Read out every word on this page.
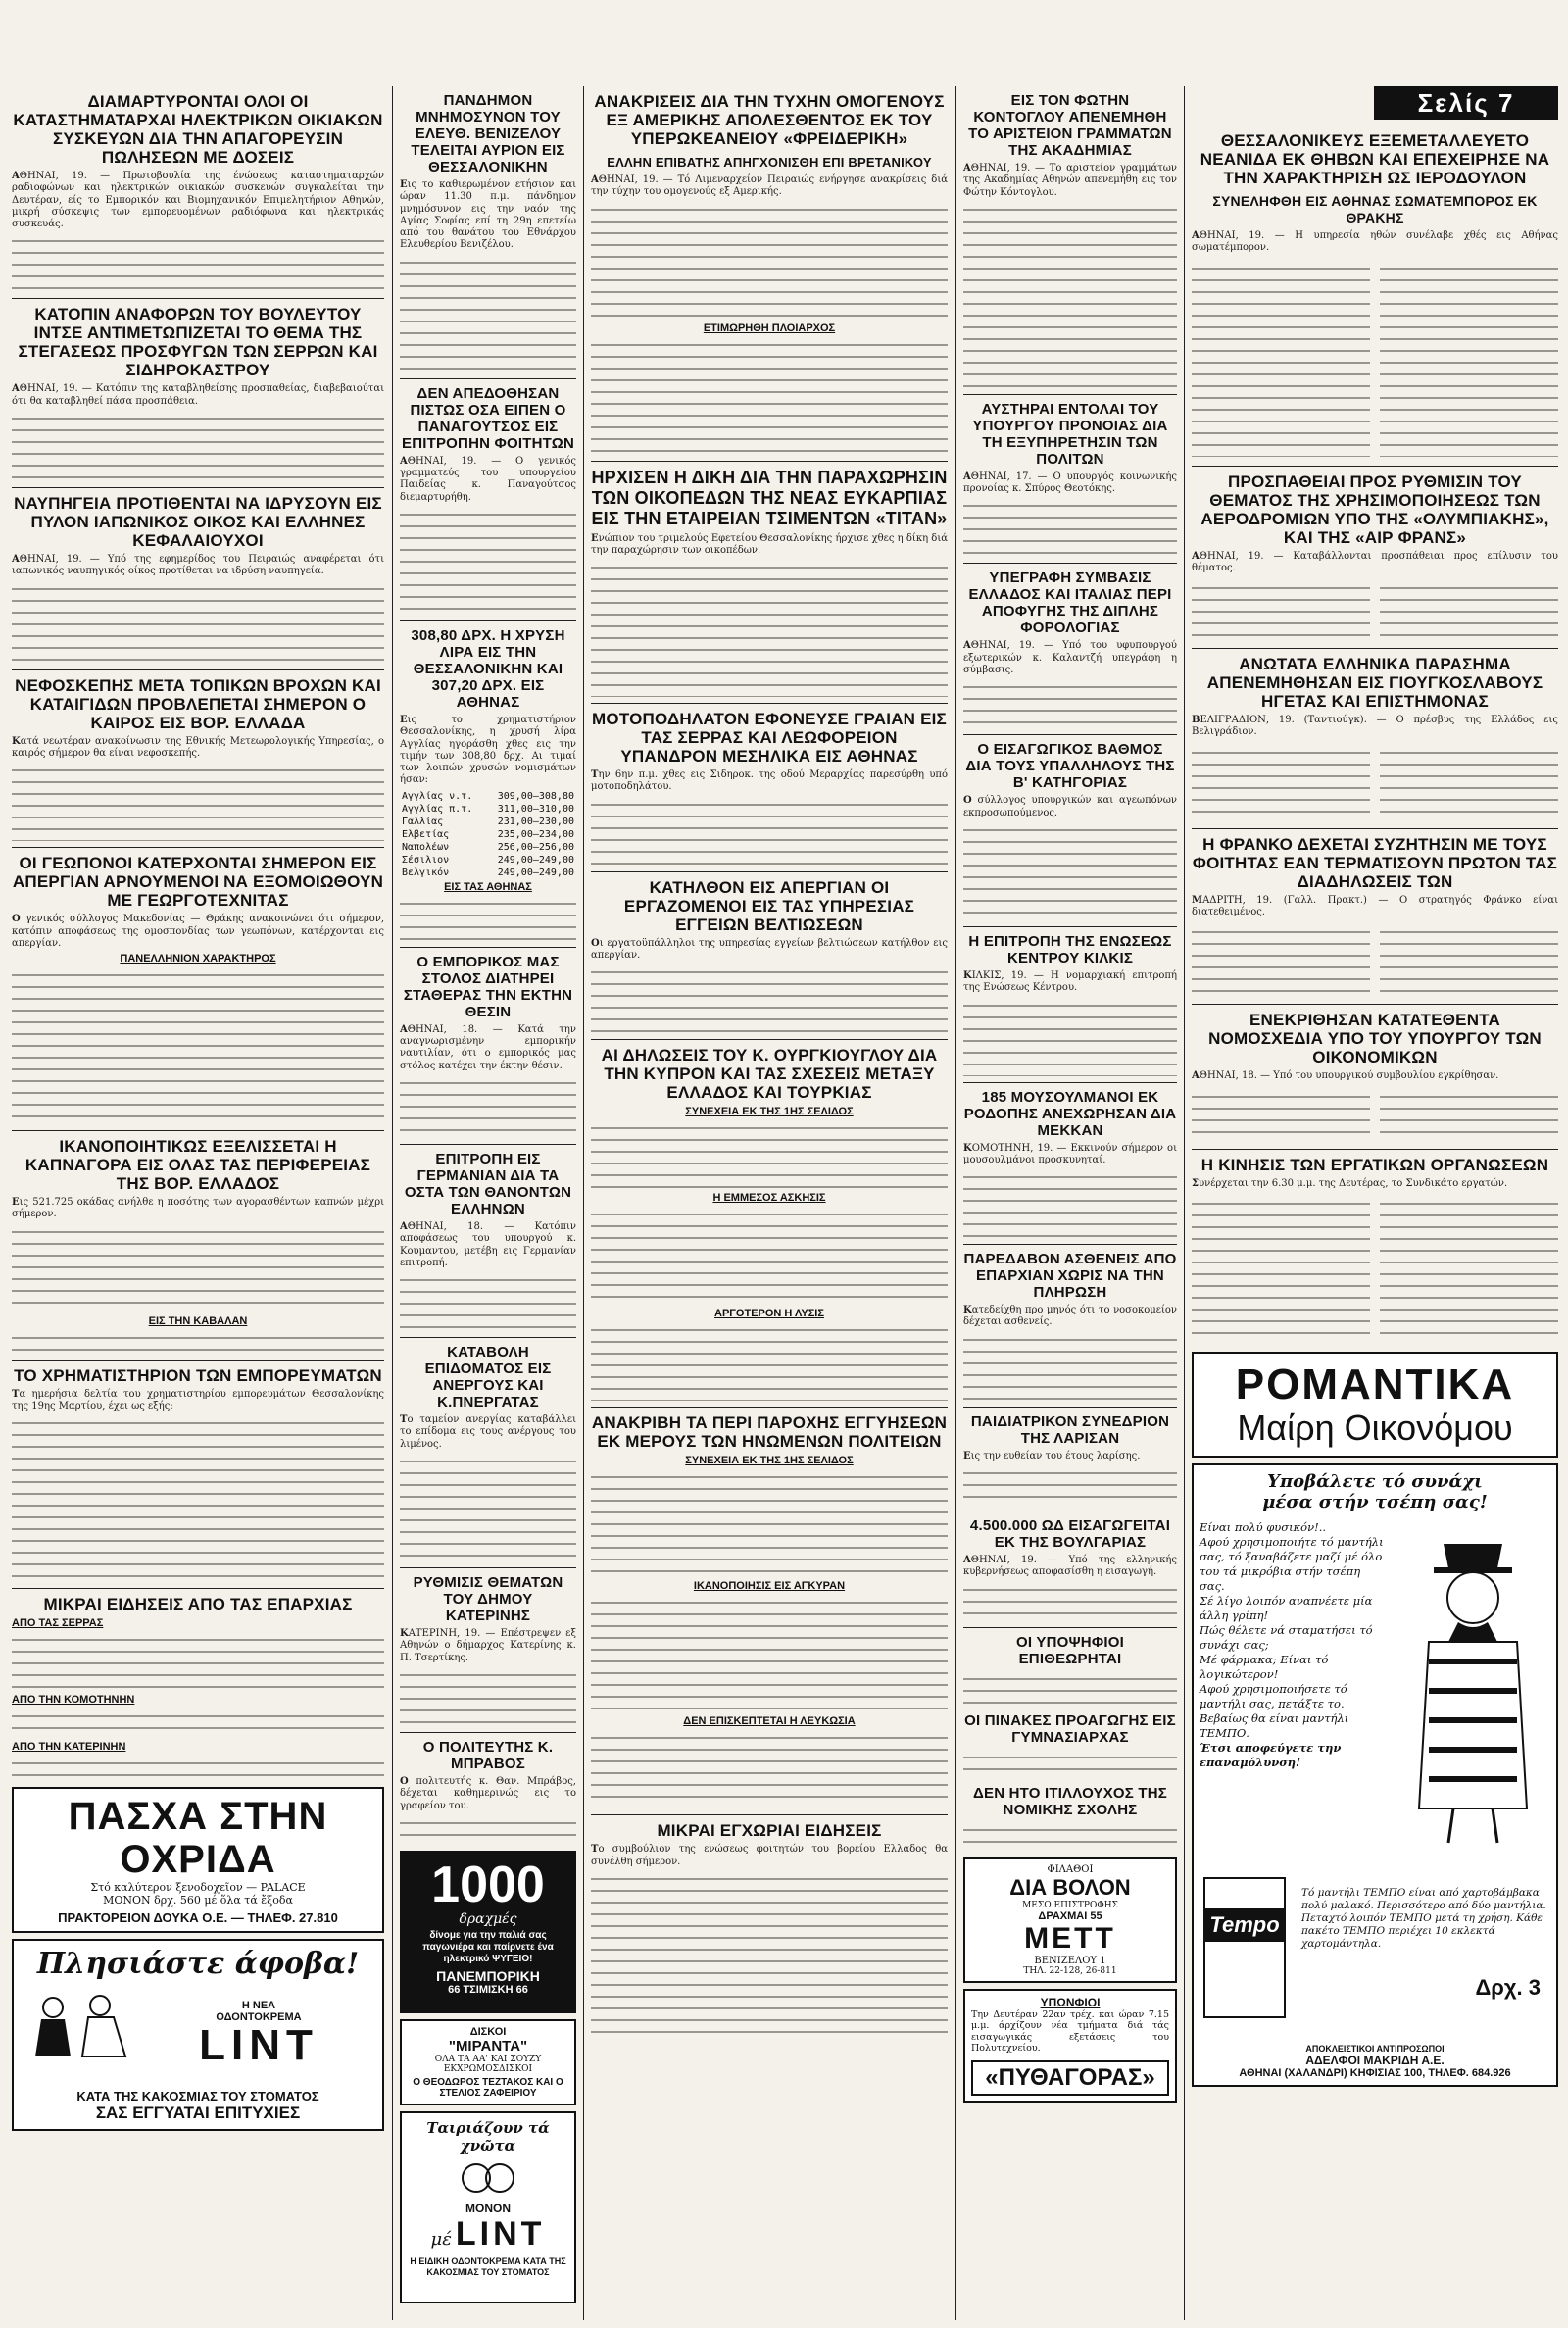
ΔΙΑΜΑΡΤΥΡΟΝΤΑΙ ΟΛΟΙ ΟΙ ΚΑΤΑΣΤΗΜΑΤΑΡΧΑΙ ΗΛΕΚΤΡΙΚΩΝ ΟΙΚΙΑΚΩΝ ΣΥΣΚΕΥΩΝ ΔΙΑ ΤΗΝ ΑΠΑΓΟΡΕΥΣΙΝ ΠΩΛΗΣΕΩΝ ΜΕ ΔΟΣΕΙΣ
ΑΘΗΝΑΙ, 19. — Πρωτοβουλία της ένώσεως καταστηματαρχών ραδιοφώνων και ηλεκτρικών οικιακών συσκευών συγκαλείται την Δευτέραν, είς το Εμπορικόν και Βιομηχανικόν Επιμελητήριον Αθηνών, μικρή σύσκεψις των εμπορευομένων ραδιόφωνα και ηλεκτρικάς συσκευάς.
ΚΑΤΟΠΙΝ ΑΝΑΦΟΡΩΝ ΤΟΥ ΒΟΥΛΕΥΤΟΥ ΙΝΤΣΕ ΑΝΤΙΜΕΤΩΠΙΖΕΤΑΙ ΤΟ ΘΕΜΑ ΤΗΣ ΣΤΕΓΑΣΕΩΣ ΠΡΟΣΦΥΓΩΝ ΤΩΝ ΣΕΡΡΩΝ ΚΑΙ ΣΙΔΗΡΟΚΑΣΤΡΟΥ
ΑΘΗΝΑΙ, 19. — Κατόπιν της καταβληθείσης προσπαθείας, διαβεβαιούται ότι θα καταβληθεί πάσα προσπάθεια.
ΝΑΥΠΗΓΕΙΑ ΠΡΟΤΙΘΕΝΤΑΙ ΝΑ ΙΔΡΥΣΟΥΝ ΕΙΣ ΠΥΛΟΝ ΙΑΠΩΝΙΚΟΣ ΟΙΚΟΣ ΚΑΙ ΕΛΛΗΝΕΣ ΚΕΦΑΛΑΙΟΥΧΟΙ
ΑΘΗΝΑΙ, 19. — Υπό της εφημερίδος του Πειραιώς αναφέρεται ότι ιαπωνικός ναυπηγικός οίκος προτίθεται να ιδρύση ναυπηγεία.
ΝΕΦΟΣΚΕΠΗΣ ΜΕΤΑ ΤΟΠΙΚΩΝ ΒΡΟΧΩΝ ΚΑΙ ΚΑΤΑΙΓΙΔΩΝ ΠΡΟΒΛΕΠΕΤΑΙ ΣΗΜΕΡΟΝ Ο ΚΑΙΡΟΣ ΕΙΣ ΒΟΡ. ΕΛΛΑΔΑ
Κατά νεωτέραν ανακοίνωσιν της Εθνικής Μετεωρολογικής Υπηρεσίας, ο καιρός σήμερον θα είναι νεφοσκεπής.
ΟΙ ΓΕΩΠΟΝΟΙ ΚΑΤΕΡΧΟΝΤΑΙ ΣΗΜΕΡΟΝ ΕΙΣ ΑΠΕΡΓΙΑΝ ΑΡΝΟΥΜΕΝΟΙ ΝΑ ΕΞΟΜΟΙΩΘΟΥΝ ΜΕ ΓΕΩΡΓΟΤΕΧΝΙΤΑΣ
Ο γενικός σύλλογος Μακεδονίας — Θράκης ανακοινώνει ότι σήμερον, κατόπιν αποφάσεως της ομοσπονδίας των γεωπόνων, κατέρχονται εις απεργίαν.
ΠΑΝΕΛΛΗΝΙΟΝ ΧΑΡΑΚΤΗΡΟΣ
ΙΚΑΝΟΠΟΙΗΤΙΚΩΣ ΕΞΕΛΙΣΣΕΤΑΙ Η ΚΑΠΝΑΓΟΡΑ ΕΙΣ ΟΛΑΣ ΤΑΣ ΠΕΡΙΦΕΡΕΙΑΣ ΤΗΣ ΒΟΡ. ΕΛΛΑΔΟΣ
Εις 521.725 οκάδας ανήλθε η ποσότης των αγορασθέντων καπνών μέχρι σήμερον.
ΕΙΣ ΤΗΝ ΚΑΒΑΛΑΝ
ΤΟ ΧΡΗΜΑΤΙΣΤΗΡΙΟΝ ΤΩΝ ΕΜΠΟΡΕΥΜΑΤΩΝ
Τα ημερήσια δελτία του χρηματιστηρίου εμπορευμάτων Θεσσαλονίκης της 19ης Μαρτίου, έχει ως εξής:
ΜΙΚΡΑΙ ΕΙΔΗΣΕΙΣ ΑΠΟ ΤΑΣ ΕΠΑΡΧΙΑΣ
ΑΠΟ ΤΑΣ ΣΕΡΡΑΣ
ΑΠΟ ΤΗΝ ΚΟΜΟΤΗΝΗΝ
ΑΠΟ ΤΗΝ ΚΑΤΕΡΙΝΗΝ
ΠΑΣΧΑ ΣΤΗΝ ΟΧΡΙΔΑ
Στό καλύτερον ξενοδοχεῖον — PALACE
ΜΟΝΟΝ δρχ. 560 μέ ὅλα τά ἔξοδα
ΠΡΑΚΤΟΡΕΙΟΝ ΔΟΥΚΑ Ο.Ε. — ΤΗΛΕΦ. 27.810
Πλησιάστε άφοβα!
Η ΝΕΑ
ΟΔΟΝΤΟΚΡΕΜΑ
LINT
ΚΑΤΑ ΤΗΣ ΚΑΚΟΣΜΙΑΣ ΤΟΥ ΣΤΟΜΑΤΟΣ
ΣΑΣ ΕΓΓΥΑΤΑΙ ΕΠΙΤΥΧΙΕΣ
ΠΑΝΔΗΜΟΝ ΜΝΗΜΟΣΥΝΟΝ ΤΟΥ ΕΛΕΥΘ. ΒΕΝΙΖΕΛΟΥ ΤΕΛΕΙΤΑΙ ΑΥΡΙΟΝ ΕΙΣ ΘΕΣΣΑΛΟΝΙΚΗΝ
Εις το καθιερωμένον ετήσιον και ώραν 11.30 π.μ. πάνδημον μνημόσυνον εις την ναόν της Αγίας Σοφίας επί τη 29η επετείω από του θανάτου του Εθνάρχου Ελευθερίου Βενιζέλου.
ΔΕΝ ΑΠΕΔΟΘΗΣΑΝ ΠΙΣΤΩΣ ΟΣΑ ΕΙΠΕΝ Ο ΠΑΝΑΓΟΥΤΣΟΣ ΕΙΣ ΕΠΙΤΡΟΠΗΝ ΦΟΙΤΗΤΩΝ
ΑΘΗΝΑΙ, 19. — Ο γενικός γραμματεύς του υπουργείου Παιδείας κ. Παναγούτσος διεμαρτυρήθη.
308,80 ΔΡΧ. Η ΧΡΥΣΗ ΛΙΡΑ ΕΙΣ ΤΗΝ ΘΕΣΣΑΛΟΝΙΚΗΝ ΚΑΙ 307,20 ΔΡΧ. ΕΙΣ ΑΘΗΝΑΣ
Εις το χρηματιστήριον Θεσσαλονίκης, η χρυσή λίρα Αγγλίας ηγοράσθη χθες εις την τιμήν των 308,80 δρχ. Αι τιμαί των λοιπών χρυσών νομισμάτων ήσαν:
Αγγλίας ν.τ.	309,00—308,80
Αγγλίας π.τ.	311,00—310,00
Γαλλίας	231,00—230,00
Ελβετίας	235,00—234,00
Ναπολέων	256,00—256,00
Σέσιλιον	249,00—249,00
Βελγικόν	249,00—249,00
ΕΙΣ ΤΑΣ ΑΘΗΝΑΣ
Ο ΕΜΠΟΡΙΚΟΣ ΜΑΣ ΣΤΟΛΟΣ ΔΙΑΤΗΡΕΙ ΣΤΑΘΕΡΑΣ ΤΗΝ ΕΚΤΗΝ ΘΕΣΙΝ
ΑΘΗΝΑΙ, 18. — Κατά την αναγνωρισμένην εμπορικήν ναυτιλίαν, ότι ο εμπορικός μας στόλος κατέχει την έκτην θέσιν.
ΕΠΙΤΡΟΠΗ ΕΙΣ ΓΕΡΜΑΝΙΑΝ ΔΙΑ ΤΑ ΟΣΤΑ ΤΩΝ ΘΑΝΟΝΤΩΝ ΕΛΛΗΝΩΝ
ΑΘΗΝΑΙ, 18. — Κατόπιν αποφάσεως του υπουργού κ. Κουμαντου, μετέβη εις Γερμανίαν επιτροπή.
ΚΑΤΑΒΟΛΗ ΕΠΙΔΟΜΑΤΟΣ ΕΙΣ ΑΝΕΡΓΟΥΣ ΚΑΙ Κ.ΠΝΕΡΓΑΤΑΣ
Το ταμείον ανεργίας καταβάλλει το επίδομα εις τους ανέργους του λιμένος.
ΡΥΘΜΙΣΙΣ ΘΕΜΑΤΩΝ ΤΟΥ ΔΗΜΟΥ ΚΑΤΕΡΙΝΗΣ
ΚΑΤΕΡΙΝΗ, 19. — Επέστρεψεν εξ Αθηνών ο δήμαρχος Κατερίνης κ. Π. Τσερτίκης.
Ο ΠΟΛΙΤΕΥΤΗΣ Κ. ΜΠΡΑΒΟΣ
Ο πολιτευτής κ. Θαν. Μπράβος, δέχεται καθημερινώς εις το γραφείον του.
1000
δραχμές
δίνομε για την παλιά σας παγωνιέρα και παίρνετε ένα ηλεκτρικό ΨΥΓΕΙΟ!
ΠΑΝΕΜΠΟΡΙΚΗ
66 ΤΣΙΜΙΣΚΗ 66
ΔΙΣΚΟΙ
"ΜΙΡΑΝΤΑ"
ΟΛΑ ΤΑ ΑΑ' ΚΑΙ ΣΟΥΖΥ ΕΚΧΡΩΜΟΣΔΙΣΚΟΙ
Ο ΘΕΟΔΩΡΟΣ ΤΕΖΤΑΚΟΣ ΚΑΙ Ο ΣΤΕΛΙΟΣ ΖΑΦΕΙΡΙΟΥ
Ταιριάζουν τά χνῶτα
ΜΟΝΟΝ
μέ LINT
Η ΕΙΔΙΚΗ ΟΔΟΝΤΟΚΡΕΜΑ ΚΑΤΑ ΤΗΣ ΚΑΚΟΣΜΙΑΣ ΤΟΥ ΣΤΟΜΑΤΟΣ
ΑΝΑΚΡΙΣΕΙΣ ΔΙΑ ΤΗΝ ΤΥΧΗΝ ΟΜΟΓΕΝΟΥΣ ΕΞ ΑΜΕΡΙΚΗΣ ΑΠΟΛΕΣΘΕΝΤΟΣ ΕΚ ΤΟΥ ΥΠΕΡΩΚΕΑΝΕΙΟΥ «ΦΡΕΙΔΕΡΙΚΗ»
ΕΛΛΗΝ ΕΠΙΒΑΤΗΣ ΑΠΗΓΧΟΝΙΣΘΗ ΕΠΙ ΒΡΕΤΑΝΙΚΟΥ
ΑΘΗΝΑΙ, 19. — Τό Λιμεναρχείον Πειραιώς ενήργησε ανακρίσεις διά την τύχην του ομογενούς εξ Αμερικής.
ΕΤΙΜΩΡΗΘΗ ΠΛΟΙΑΡΧΟΣ
ΗΡΧΙΣΕΝ Η ΔΙΚΗ ΔΙΑ ΤΗΝ ΠΑΡΑΧΩΡΗΣΙΝ ΤΩΝ ΟΙΚΟΠΕΔΩΝ ΤΗΣ ΝΕΑΣ ΕΥΚΑΡΠΙΑΣ ΕΙΣ ΤΗΝ ΕΤΑΙΡΕΙΑΝ ΤΣΙΜΕΝΤΩΝ «ΤΙΤΑΝ»
Ενώπιον του τριμελούς Εφετείου Θεσσαλονίκης ήρχισε χθες η δίκη διά την παραχώρησιν των οικοπέδων.
ΜΟΤΟΠΟΔΗΛΑΤΟΝ ΕΦΟΝΕΥΣΕ ΓΡΑΙΑΝ ΕΙΣ ΤΑΣ ΣΕΡΡΑΣ ΚΑΙ ΛΕΩΦΟΡΕΙΟΝ ΥΠΑΝΔΡΟΝ ΜΕΣΗΛΙΚΑ ΕΙΣ ΑΘΗΝΑΣ
Την 6ην π.μ. χθες εις Σιδηροκ. της οδού Μεραρχίας παρεσύρθη υπό μοτοποδηλάτου.
ΚΑΤΗΛΘΟΝ ΕΙΣ ΑΠΕΡΓΙΑΝ ΟΙ ΕΡΓΑΖΟΜΕΝΟΙ ΕΙΣ ΤΑΣ ΥΠΗΡΕΣΙΑΣ ΕΓΓΕΙΩΝ ΒΕΛΤΙΩΣΕΩΝ
Οι εργατοϋπάλληλοι της υπηρεσίας εγγείων βελτιώσεων κατήλθον εις απεργίαν.
ΑΙ ΔΗΛΩΣΕΙΣ ΤΟΥ Κ. ΟΥΡΓΚΙΟΥΓΛΟΥ ΔΙΑ ΤΗΝ ΚΥΠΡΟΝ ΚΑΙ ΤΑΣ ΣΧΕΣΕΙΣ ΜΕΤΑΞΥ ΕΛΛΑΔΟΣ ΚΑΙ ΤΟΥΡΚΙΑΣ
ΣΥΝΕΧΕΙΑ ΕΚ ΤΗΣ 1ΗΣ ΣΕΛΙΔΟΣ
Η ΕΜΜΕΣΟΣ ΑΣΚΗΣΙΣ
ΑΡΓΟΤΕΡΟΝ Η ΛΥΣΙΣ
ΑΝΑΚΡΙΒΗ ΤΑ ΠΕΡΙ ΠΑΡΟΧΗΣ ΕΓΓΥΗΣΕΩΝ ΕΚ ΜΕΡΟΥΣ ΤΩΝ ΗΝΩΜΕΝΩΝ ΠΟΛΙΤΕΙΩΝ
ΣΥΝΕΧΕΙΑ ΕΚ ΤΗΣ 1ΗΣ ΣΕΛΙΔΟΣ
ΙΚΑΝΟΠΟΙΗΣΙΣ ΕΙΣ ΑΓΚΥΡΑΝ
ΔΕΝ ΕΠΙΣΚΕΠΤΕΤΑΙ Η ΛΕΥΚΩΣΙΑ
ΜΙΚΡΑΙ ΕΓΧΩΡΙΑΙ ΕΙΔΗΣΕΙΣ
Το συμβούλιον της ενώσεως φοιτητών του βορείου Ελλαδος θα συνέλθη σήμερον.
ΕΙΣ ΤΟΝ ΦΩΤΗΝ ΚΟΝΤΟΓΛΟΥ ΑΠΕΝΕΜΗΘΗ ΤΟ ΑΡΙΣΤΕΙΟΝ ΓΡΑΜΜΑΤΩΝ ΤΗΣ ΑΚΑΔΗΜΙΑΣ
ΑΘΗΝΑΙ, 19. — Το αριστείον γραμμάτων της Ακαδημίας Αθηνών απενεμήθη εις τον Φώτην Κόντογλου.
ΑΥΣΤΗΡΑΙ ΕΝΤΟΛΑΙ ΤΟΥ ΥΠΟΥΡΓΟΥ ΠΡΟΝΟΙΑΣ ΔΙΑ ΤΗ ΕΞΥΠΗΡΕΤΗΣΙΝ ΤΩΝ ΠΟΛΙΤΩΝ
ΑΘΗΝΑΙ, 17. — Ο υπουργός κοινωνικής προνοίας κ. Σπύρος Θεοτόκης.
ΥΠΕΓΡΑΦΗ ΣΥΜΒΑΣΙΣ ΕΛΛΑΔΟΣ ΚΑΙ ΙΤΑΛΙΑΣ ΠΕΡΙ ΑΠΟΦΥΓΗΣ ΤΗΣ ΔΙΠΛΗΣ ΦΟΡΟΛΟΓΙΑΣ
ΑΘΗΝΑΙ, 19. — Υπό του υφυπουργού εξωτερικών κ. Καλαντζή υπεγράφη η σύμβασις.
Ο ΕΙΣΑΓΩΓΙΚΟΣ ΒΑΘΜΟΣ ΔΙΑ ΤΟΥΣ ΥΠΑΛΛΗΛΟΥΣ ΤΗΣ Β' ΚΑΤΗΓΟΡΙΑΣ
Ο σύλλογος υπουργικών και αγεωπόνων εκπροσωπούμενος.
Η ΕΠΙΤΡΟΠΗ ΤΗΣ ΕΝΩΣΕΩΣ ΚΕΝΤΡΟΥ ΚΙΛΚΙΣ
ΚΙΛΚΙΣ, 19. — Η νομαρχιακή επιτροπή της Ενώσεως Κέντρου.
185 ΜΟΥΣΟΥΛΜΑΝΟΙ ΕΚ ΡΟΔΟΠΗΣ ΑΝΕΧΩΡΗΣΑΝ ΔΙΑ ΜΕΚΚΑΝ
ΚΟΜΟΤΗΝΗ, 19. — Εκκινούν σήμερον οι μουσουλμάνοι προσκυνηταί.
ΠΑΡΕΔΑΒΟΝ ΑΣΘΕΝΕΙΣ ΑΠΟ ΕΠΑΡΧΙΑΝ ΧΩΡΙΣ ΝΑ ΤΗΝ ΠΛΗΡΩΣΗ
Κατεδείχθη προ μηνός ότι το νοσοκομείον δέχεται ασθενείς.
ΠΑΙΔΙΑΤΡΙΚΟΝ ΣΥΝΕΔΡΙΟΝ ΤΗΣ ΛΑΡΙΣΑΝ
Εις την ευθείαν του έτους λαρίσης.
4.500.000 ΩΔ ΕΙΣΑΓΩΓΕΙΤΑΙ ΕΚ ΤΗΣ ΒΟΥΛΓΑΡΙΑΣ
ΑΘΗΝΑΙ, 19. — Υπό της ελληνικής κυβερνήσεως αποφασίσθη η εισαγωγή.
ΟΙ ΥΠΟΨΗΦΙΟΙ ΕΠΙΘΕΩΡΗΤΑΙ
ΟΙ ΠΙΝΑΚΕΣ ΠΡΟΑΓΩΓΗΣ ΕΙΣ ΓΥΜΝΑΣΙΑΡΧΑΣ
ΔΕΝ ΗΤΟ ΙΤΙΛΛΟΥΧΟΣ ΤΗΣ ΝΟΜΙΚΗΣ ΣΧΟΛΗΣ
ΦΙΛΑΘΟΙ
ΔΙΑ ΒΟΛΟΝ
ΜΕΣΩ ΕΠΙΣΤΡΟΦΗΣ
ΔΡΑΧΜΑΙ 55
ΜΕΤΤ
ΒΕΝΙΖΕΛΟΥ 1
ΤΗΛ. 22-128, 26-811
ΥΠΩΝΦΙΟΙ
Την Δευτέραν 22αν τρέχ. και ώραν 7.15 μ.μ. άρχίζουν νέα τμήματα διά τάς εισαγωγικάς εξετάσεις του Πολυτεχνείου.
«ΠΥΘΑΓΟΡΑΣ»
Σελίς 7
ΘΕΣΣΑΛΟΝΙΚΕΥΣ ΕΞΕΜΕΤΑΛΛΕΥΕΤΟ ΝΕΑΝΙΔΑ ΕΚ ΘΗΒΩΝ ΚΑΙ ΕΠΕΧΕΙΡΗΣΕ ΝΑ ΤΗΝ ΧΑΡΑΚΤΗΡΙΣΗ ΩΣ ΙΕΡΟΔΟΥΛΟΝ
ΣΥΝΕΛΗΦΘΗ ΕΙΣ ΑΘΗΝΑΣ ΣΩΜΑΤΕΜΠΟΡΟΣ ΕΚ ΘΡΑΚΗΣ
ΑΘΗΝΑΙ, 19. — Η υπηρεσία ηθών συνέλαβε χθές εις Αθήνας σωματέμπορον.
ΠΡΟΣΠΑΘΕΙΑΙ ΠΡΟΣ ΡΥΘΜΙΣΙΝ ΤΟΥ ΘΕΜΑΤΟΣ ΤΗΣ ΧΡΗΣΙΜΟΠΟΙΗΣΕΩΣ ΤΩΝ ΑΕΡΟΔΡΟΜΙΩΝ ΥΠΟ ΤΗΣ «ΟΛΥΜΠΙΑΚΗΣ», ΚΑΙ ΤΗΣ «ΑΙΡ ΦΡΑΝΣ»
ΑΘΗΝΑΙ, 19. — Καταβάλλονται προσπάθειαι προς επίλυσιν του θέματος.
ΑΝΩΤΑΤΑ ΕΛΛΗΝΙΚΑ ΠΑΡΑΣΗΜΑ ΑΠΕΝΕΜΗΘΗΣΑΝ ΕΙΣ ΓΙΟΥΓΚΟΣΛΑΒΟΥΣ ΗΓΕΤΑΣ ΚΑΙ ΕΠΙΣΤΗΜΟΝΑΣ
ΒΕΛΙΓΡΑΔΙΟΝ, 19. (Ταντιούγκ). — Ο πρέσβυς της Ελλάδος εις Βελιγράδιον.
Η ΦΡΑΝΚΟ ΔΕΧΕΤΑΙ ΣΥΖΗΤΗΣΙΝ ΜΕ ΤΟΥΣ ΦΟΙΤΗΤΑΣ ΕΑΝ ΤΕΡΜΑΤΙΣΟΥΝ ΠΡΩΤΟΝ ΤΑΣ ΔΙΑΔΗΛΩΣΕΙΣ ΤΩΝ
ΜΑΔΡΙΤΗ, 19. (Γαλλ. Πρακτ.) — Ο στρατηγός Φράνκο είναι διατεθειμένος.
ΕΝΕΚΡΙΘΗΣΑΝ ΚΑΤΑΤΕΘΕΝΤΑ ΝΟΜΟΣΧΕΔΙΑ ΥΠΟ ΤΟΥ ΥΠΟΥΡΓΟΥ ΤΩΝ ΟΙΚΟΝΟΜΙΚΩΝ
ΑΘΗΝΑΙ, 18. — Υπό του υπουργικού συμβουλίου εγκρίθησαν.
Η ΚΙΝΗΣΙΣ ΤΩΝ ΕΡΓΑΤΙΚΩΝ ΟΡΓΑΝΩΣΕΩΝ
Συνέρχεται την 6.30 μ.μ. της Δευτέρας, το Συνδικάτο εργατών.
ΡΟΜΑΝΤΙΚΑ
Μαίρη Οικονόμου
Υποβάλετε τό συνάχι
μέσα στήν τσέπη σας!
Είναι πολύ φυσικόν!..
Αφού χρησιμοποιήτε τό μαντήλι σας, τό ξαναβάζετε μαζί μέ όλο του τά μικρόβια στήν τσέπη σας.
Σέ λίγο λοιπόν αναπνέετε μία άλλη γρίπη!
Πώς θέλετε νά σταματήσει τό συνάχι σας;
Μέ φάρμακα; Είναι τό λογικώτερον!
Αφού χρησιμοποιήσετε τό μαντήλι σας, πετάξτε το. Βεβαίως θα είναι μαντήλι ΤΕΜΠΟ.
Έτσι αποφεύγετε την επαναμόλυνση!
Tempo
Τό μαντήλι ΤΕΜΠΟ είναι από χαρτοβάμβακα πολύ μαλακό. Περισσότερο από δύο μαντήλια. Πεταχτό λοιπόν ΤΕΜΠΟ μετά τη χρήση. Κάθε πακέτο ΤΕΜΠΟ περιέχει 10 εκλεκτά χαρτομάντηλα.
Δρχ. 3
ΑΠΟΚΛΕΙΣΤΙΚΟΙ ΑΝΤΙΠΡΟΣΩΠΟΙ
ΑΔΕΛΦΟΙ ΜΑΚΡΙΔΗ Α.Ε.
ΑΘΗΝΑΙ (ΧΑΛΑΝΔΡΙ) ΚΗΦΙΣΙΑΣ 100, ΤΗΛΕΦ. 684.926
